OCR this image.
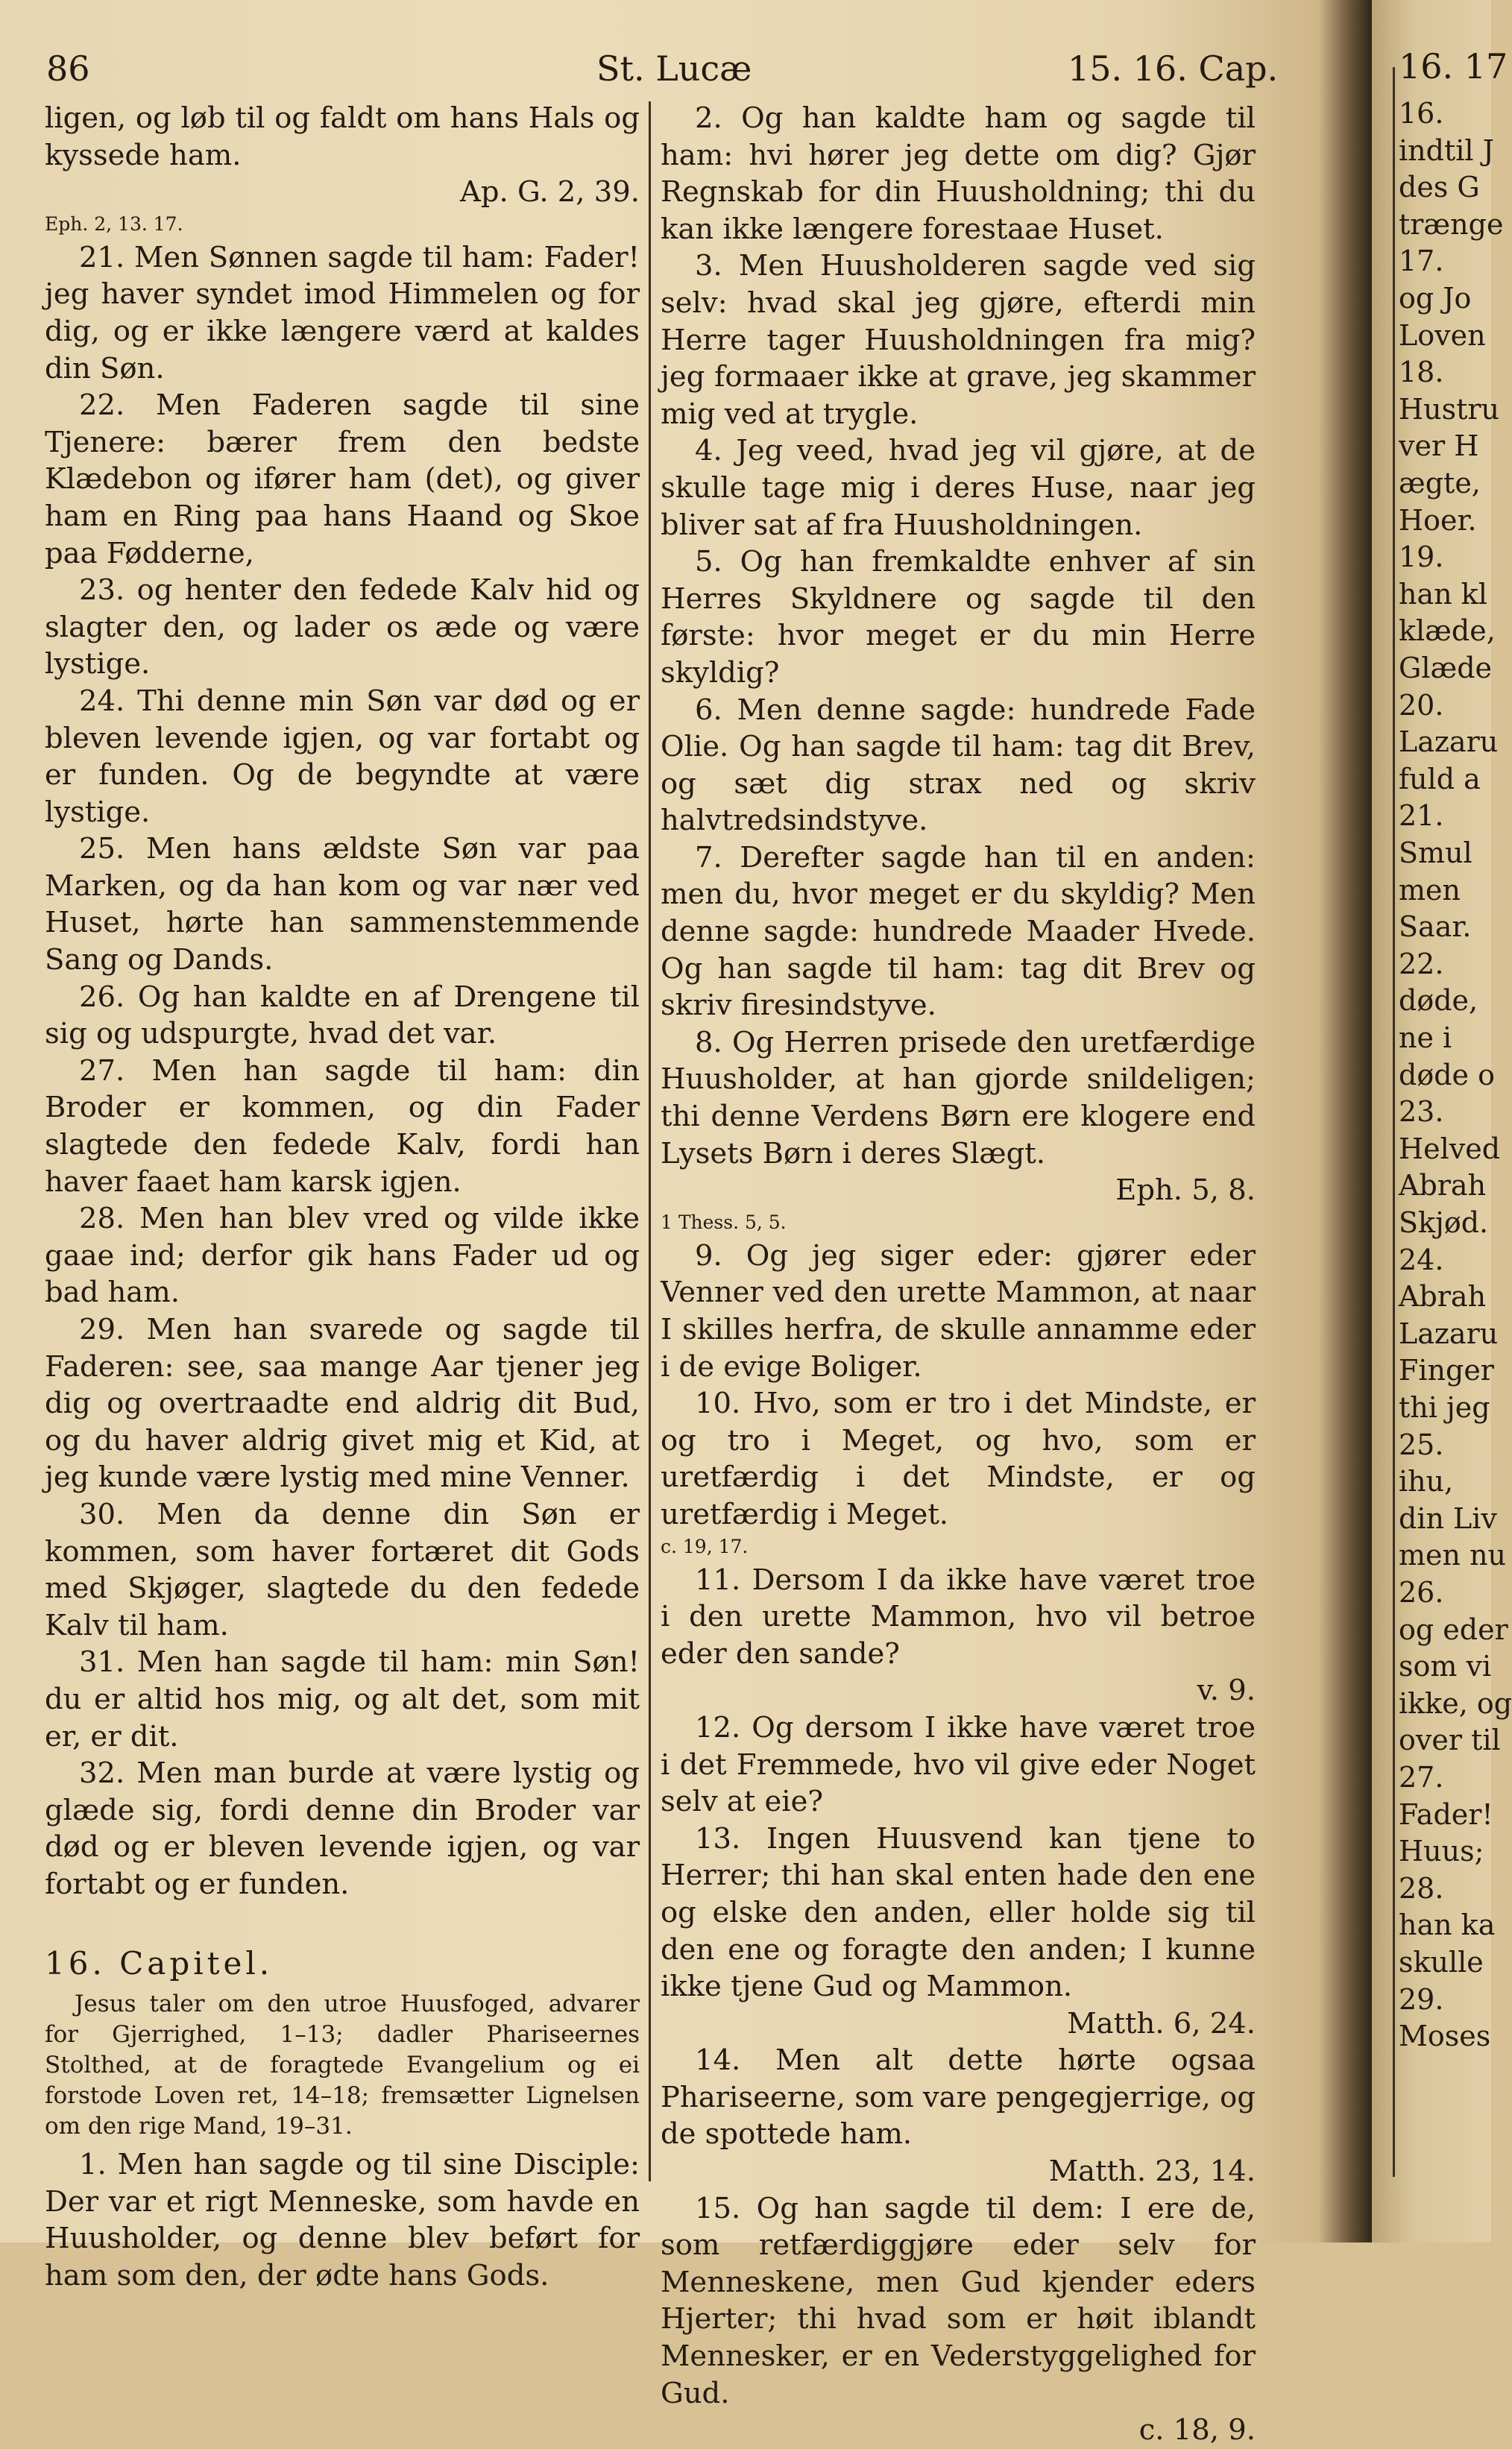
86	St. Lucæ	15. 16. Cap.

ligen, og løb til og faldt om hans Hals og kyssede ham.
Ap. G. 2, 39.

Eph. 2, 13. 17.

21. Men Sønnen sagde til ham: Fader! jeg haver syndet imod Himmelen og for dig, og er ikke længere værd at kaldes din Søn.

22. Men Faderen sagde til sine Tjenere: bærer frem den bedste Klædebon og ifører ham (det), og giver ham en Ring paa hans Haand og Skoe paa Fødderne,

23. og henter den fedede Kalv hid og slagter den, og lader os æde og være lystige.

24. Thi denne min Søn var død og er bleven levende igjen, og var fortabt og er funden. Og de begyndte at være lystige.

25. Men hans ældste Søn var paa Marken, og da han kom og var nær ved Huset, hørte han sammenstemmende Sang og Dands.

26. Og han kaldte en af Drengene til sig og udspurgte, hvad det var.

27. Men han sagde til ham: din Broder er kommen, og din Fader slagtede den fedede Kalv, fordi han haver faaet ham karsk igjen.

28. Men han blev vred og vilde ikke gaae ind; derfor gik hans Fader ud og bad ham.

29. Men han svarede og sagde til Faderen: see, saa mange Aar tjener jeg dig og overtraadte end aldrig dit Bud, og du haver aldrig givet mig et Kid, at jeg kunde være lystig med mine Venner.

30. Men da denne din Søn er kommen, som haver fortæret dit Gods med Skjøger, slagtede du den fedede Kalv til ham.

31. Men han sagde til ham: min Søn! du er altid hos mig, og alt det, som mit er, er dit.

32. Men man burde at være lystig og glæde sig, fordi denne din Broder var død og er bleven levende igjen, og var fortabt og er funden.

16. Capitel.

Jesus taler om den utroe Huusfoged, advarer for Gjerrighed, 1–13; dadler Phariseernes Stolthed, at de foragtede Evangelium og ei forstode Loven ret, 14–18; fremsætter Lignelsen om den rige Mand, 19–31.

1. Men han sagde og til sine Disciple: Der var et rigt Menneske, som havde en Huusholder, og denne blev beført for ham som den, der ødte hans Gods.

2. Og han kaldte ham og sagde til ham: hvi hører jeg dette om dig? Gjør Regnskab for din Huusholdning; thi du kan ikke længere forestaae Huset.

3. Men Huusholderen sagde ved sig selv: hvad skal jeg gjøre, efterdi min Herre tager Huusholdningen fra mig? jeg formaaer ikke at grave, jeg skammer mig ved at trygle.

4. Jeg veed, hvad jeg vil gjøre, at de skulle tage mig i deres Huse, naar jeg bliver sat af fra Huusholdningen.

5. Og han fremkaldte enhver af sin Herres Skyldnere og sagde til den første: hvor meget er du min Herre skyldig?

6. Men denne sagde: hundrede Fade Olie. Og han sagde til ham: tag dit Brev, og sæt dig strax ned og skriv halvtredsindstyve.

7. Derefter sagde han til en anden: men du, hvor meget er du skyldig? Men denne sagde: hundrede Maader Hvede. Og han sagde til ham: tag dit Brev og skriv firesindstyve.

8. Og Herren prisede den uretfærdige Huusholder, at han gjorde snildeligen; thi denne Verdens Børn ere klogere end Lysets Børn i deres Slægt.
Eph. 5, 8.

1 Thess. 5, 5.

9. Og jeg siger eder: gjører eder Venner ved den urette Mammon, at naar I skilles herfra, de skulle annamme eder i de evige Boliger.

10. Hvo, som er tro i det Mindste, er og tro i Meget, og hvo, som er uretfærdig i det Mindste, er og uretfærdig i Meget.

c. 19, 17.

11. Dersom I da ikke have været troe i den urette Mammon, hvo vil betroe eder den sande?
v. 9.

12. Og dersom I ikke have været troe i det Fremmede, hvo vil give eder Noget selv at eie?

13. Ingen Huusvend kan tjene to Herrer; thi han skal enten hade den ene og elske den anden, eller holde sig til den ene og foragte den anden; I kunne ikke tjene Gud og Mammon.
Matth. 6, 24.

14. Men alt dette hørte ogsaa Phariseerne, som vare pengegjerrige, og de spottede ham.
Matth. 23, 14.

15. Og han sagde til dem: I ere de, som retfærdiggjøre eder selv for Menneskene, men Gud kjender eders Hjerter; thi hvad som er høit iblandt Mennesker, er en Vederstyggelighed for Gud.
c. 18, 9.

16. 17
16.
indtil J
des G
trænge
17.
og Jo
Loven
18.
Hustru
ver H
ægte,
Hoer.
19.
han kl
klæde,
Glæde
20.
Lazaru
fuld a
21.
Smul
men
Saar.
22.
døde,
ne i
døde o
23.
Helved
Abrah
Skjød.
24.
Abrah
Lazaru
Finger
thi jeg
25.
ihu,
din Liv
men nu
26.
og eder
som vi
ikke, og
over til
27.
Fader!
Huus;
28.
han ka
skulle
29.
Moses
